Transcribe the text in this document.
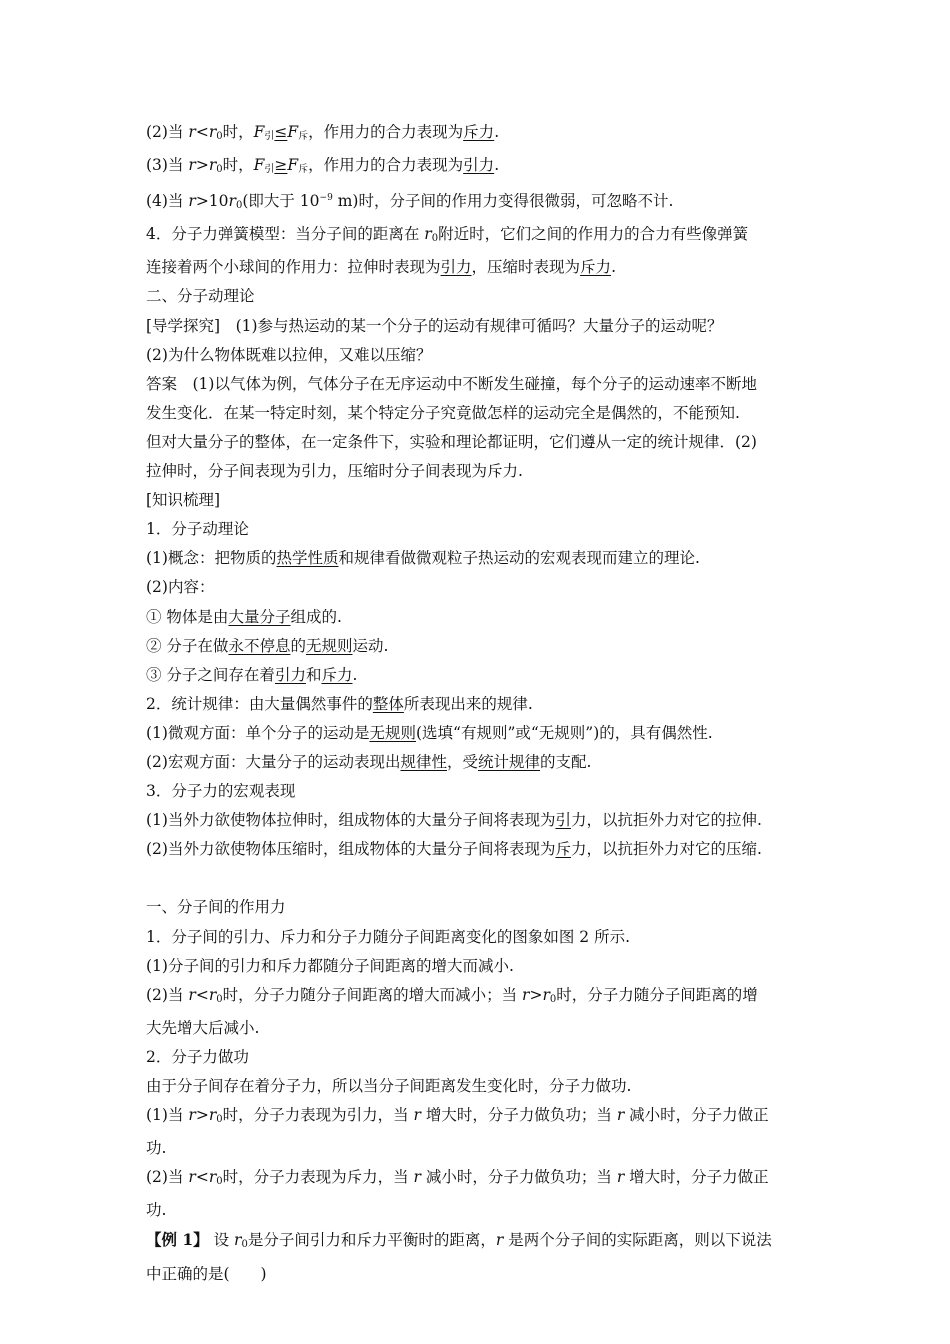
(2)当 $r<r_0$时，$F_引\le F_斥$，作用力的合力表现为斥力.
(3)当 $r>r_0$时，$F_引\ge F_斥$，作用力的合力表现为引力.
(4)当 $r>10r_0$(即大于 $10^{-9}$ m)时，分子间的作用力变得很微弱，可忽略不计.
4．分子力弹簧模型：当分子间的距离在 $r_0$附近时，它们之间的作用力的合力有些像弹簧
连接着两个小球间的作用力：拉伸时表现为引力，压缩时表现为斥力.
二、分子动理论
[导学探究]　(1)参与热运动的某一个分子的运动有规律可循吗？大量分子的运动呢？
(2)为什么物体既难以拉伸，又难以压缩？
答案　(1)以气体为例，气体分子在无序运动中不断发生碰撞，每个分子的运动速率不断地
发生变化．在某一特定时刻，某个特定分子究竟做怎样的运动完全是偶然的，不能预知.
但对大量分子的整体，在一定条件下，实验和理论都证明，它们遵从一定的统计规律．(2)
拉伸时，分子间表现为引力，压缩时分子间表现为斥力.
[知识梳理]
1．分子动理论
(1)概念：把物质的热学性质和规律看做微观粒子热运动的宏观表现而建立的理论.
(2)内容：
① 物体是由大量分子组成的.
② 分子在做永不停息的无规则运动.
③ 分子之间存在着引力和斥力.
2．统计规律：由大量偶然事件的整体所表现出来的规律.
(1)微观方面：单个分子的运动是无规则(选填“有规则”或“无规则”)的，具有偶然性.
(2)宏观方面：大量分子的运动表现出规律性，受统计规律的支配.
3．分子力的宏观表现
(1)当外力欲使物体拉伸时，组成物体的大量分子间将表现为引力，以抗拒外力对它的拉伸.
(2)当外力欲使物体压缩时，组成物体的大量分子间将表现为斥力，以抗拒外力对它的压缩.
一、分子间的作用力
1．分子间的引力、斥力和分子力随分子间距离变化的图象如图 2 所示.
(1)分子间的引力和斥力都随分子间距离的增大而减小.
(2)当 $r<r_0$时，分子力随分子间距离的增大而减小；当 $r>r_0$时，分子力随分子间距离的增
大先增大后减小.
2．分子力做功
由于分子间存在着分子力，所以当分子间距离发生变化时，分子力做功.
(1)当 $r>r_0$时，分子力表现为引力，当 r 增大时，分子力做负功；当 r 减小时，分子力做正
功.
(2)当 $r<r_0$时，分子力表现为斥力，当 r 减小时，分子力做负功；当 r 增大时，分子力做正
功.
【例 1】 设 $r_0$是分子间引力和斥力平衡时的距离，r 是两个分子间的实际距离，则以下说法
中正确的是(　　)
